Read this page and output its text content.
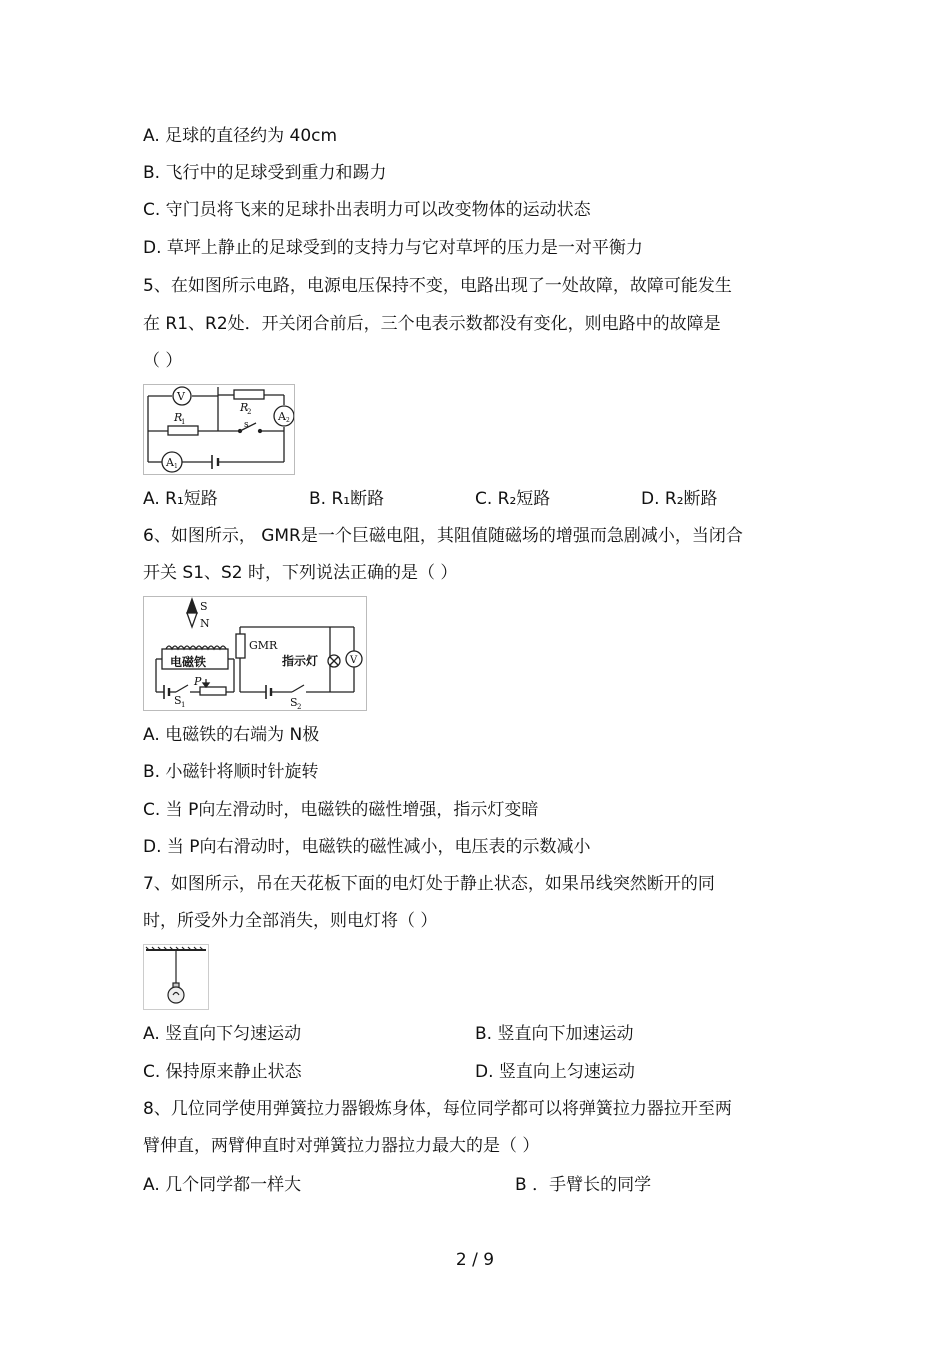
A. 足球的直径约为 40cm
B. 飞行中的足球受到重力和踢力
C. 守门员将飞来的足球扑出表明力可以改变物体的运动状态
D. 草坪上静止的足球受到的支持力与它对草坪的压力是一对平衡力
5、在如图所示电路，电源电压保持不变，电路出现了一处故障，故障可能发生
在 R1、R2处．开关闭合前后，三个电表示数都没有变化，则电路中的故障是
（ ）
V
R
1
R
2 A 2
s
A 1
A. R₁短路	B. R₁断路	C. R₂短路	D. R₂断路
6、如图所示， GMR是一个巨磁电阻，其阻值随磁场的增强而急剧减小，当闭合
开关 S1、S2 时，下列说法正确的是（ ）
S
N
电磁铁
GMR
指示灯	V
P
S 1	S 2
A. 电磁铁的右端为 N极
B. 小磁针将顺时针旋转
C. 当 P向左滑动时，电磁铁的磁性增强，指示灯变暗
D. 当 P向右滑动时，电磁铁的磁性减小，电压表的示数减小
7、如图所示，吊在天花板下面的电灯处于静止状态，如果吊线突然断开的同
时，所受外力全部消失，则电灯将（ ）
A. 竖直向下匀速运动	B. 竖直向下加速运动
C. 保持原来静止状态	D. 竖直向上匀速运动
8、几位同学使用弹簧拉力器锻炼身体，每位同学都可以将弹簧拉力器拉开至两
臂伸直，两臂伸直时对弹簧拉力器拉力最大的是（ ）
A. 几个同学都一样大	B ．手臂长的同学
2 / 9
